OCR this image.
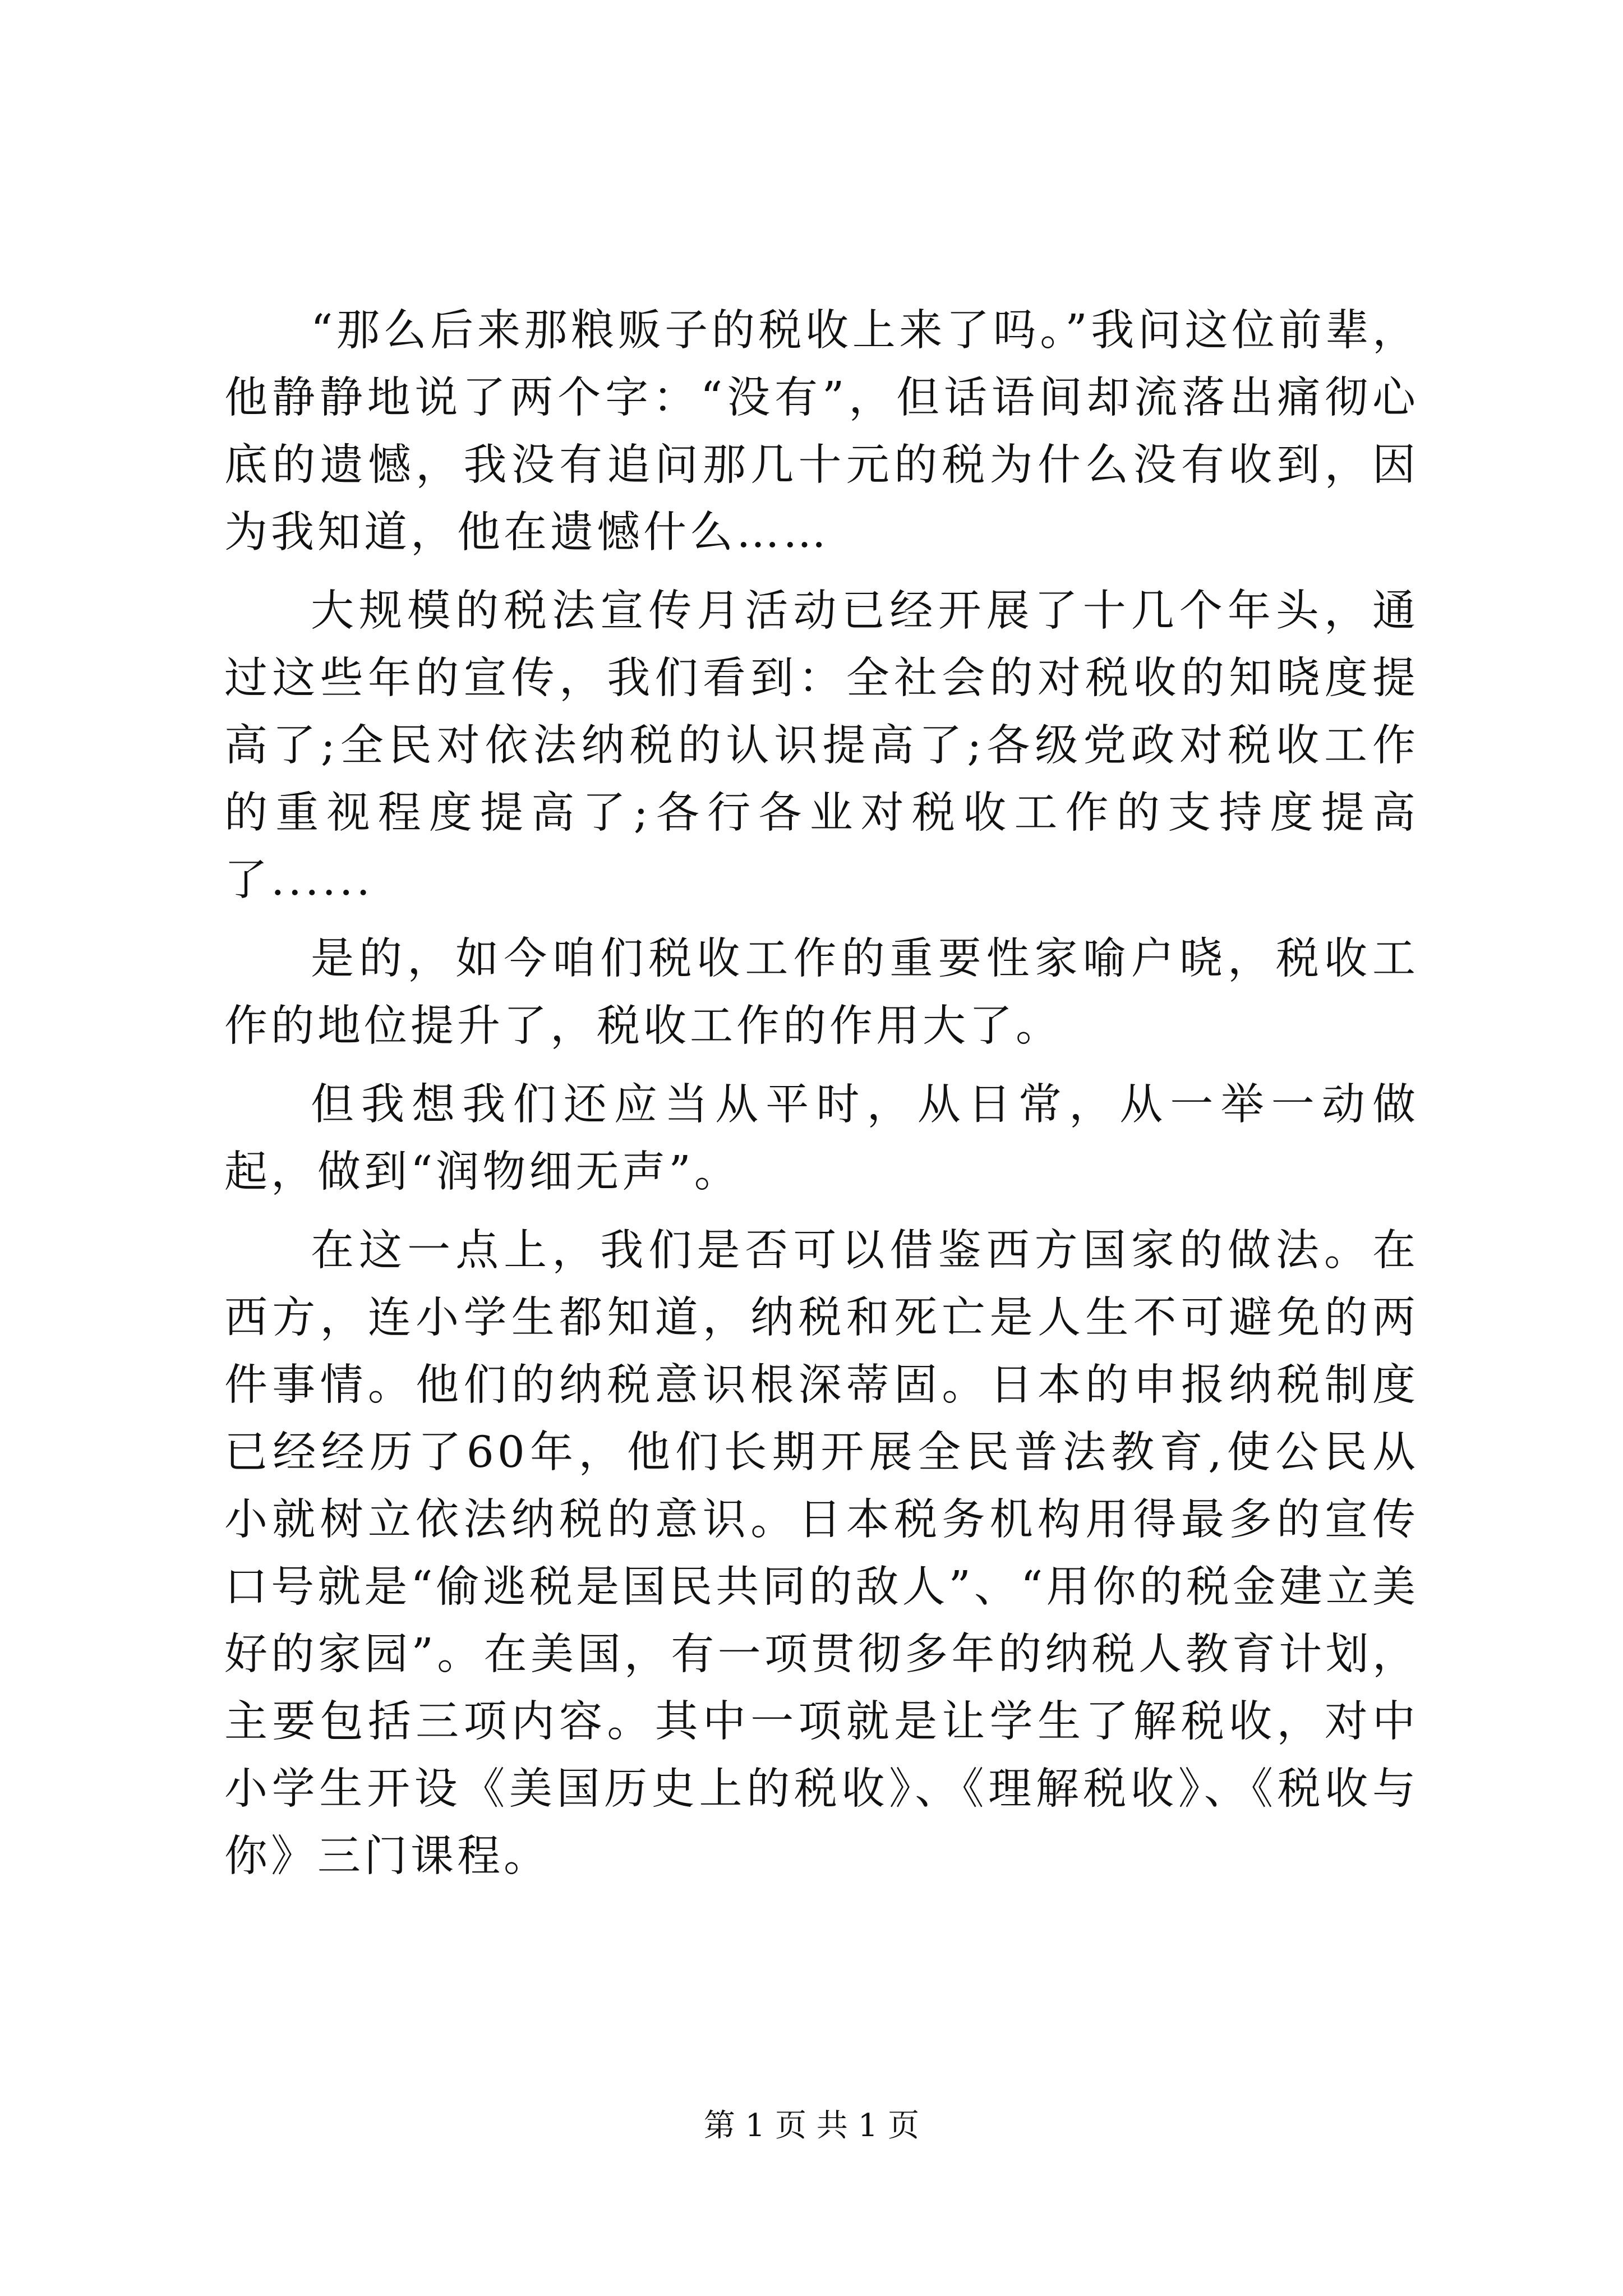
“那么后来那粮贩子的税收上来了吗。”我问这位前辈，他静静地说了两个字：“没有”，但话语间却流落出痛彻心底的遗憾，我没有追问那几十元的税为什么没有收到，因为我知道，他在遗憾什么……

大规模的税法宣传月活动已经开展了十几个年头，通过这些年的宣传，我们看到：全社会的对税收的知晓度提高了;全民对依法纳税的认识提高了;各级党政对税收工作的重视程度提高了;各行各业对税收工作的支持度提高了......

是的，如今咱们税收工作的重要性家喻户晓，税收工作的地位提升了，税收工作的作用大了。

但我想我们还应当从平时，从日常，从一举一动做起，做到“润物细无声”。

在这一点上，我们是否可以借鉴西方国家的做法。在西方，连小学生都知道，纳税和死亡是人生不可避免的两件事情。他们的纳税意识根深蒂固。日本的申报纳税制度已经经历了60年，他们长期开展全民普法教育,使公民从小就树立依法纳税的意识。日本税务机构用得最多的宣传口号就是“偷逃税是国民共同的敌人”、“用你的税金建立美好的家园”。在美国，有一项贯彻多年的纳税人教育计划，主要包括三项内容。其中一项就是让学生了解税收，对中小学生开设《美国历史上的税收》、《理解税收》、《税收与你》三门课程。

第 1 页 共 1 页
